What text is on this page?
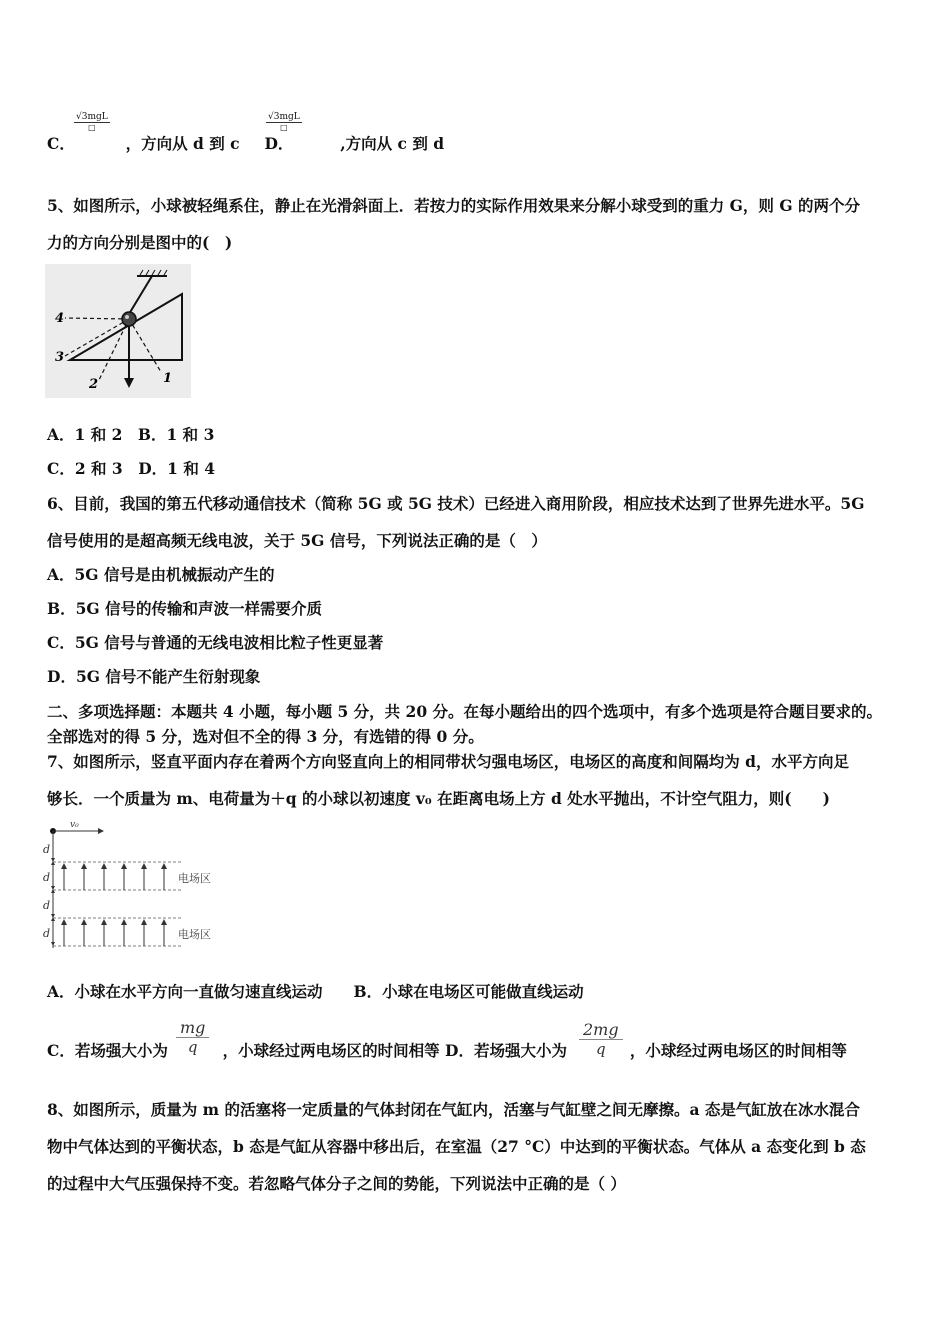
C．	，方向从 d 到 c D．	,方向从 c 到 d
√3mgL
□
√3mgL
□
5、如图所示，小球被轻绳系住，静止在光滑斜面上．若按力的实际作用效果来分解小球受到的重力 G，则 G 的两个分
力的方向分别是图中的(　)
4
3
2	1
A．1 和 2　B．1 和 3
C．2 和 3　D．1 和 4
6、目前，我国的第五代移动通信技术（简称 5G 或 5G 技术）已经进入商用阶段，相应技术达到了世界先进水平。5G
信号使用的是超高频无线电波，关于 5G 信号，下列说法正确的是（　）
A．5G 信号是由机械振动产生的
B．5G 信号的传输和声波一样需要介质
C．5G 信号与普通的无线电波相比粒子性更显著
D．5G 信号不能产生衍射现象
二、多项选择题：本题共 4 小题，每小题 5 分，共 20 分。在每小题给出的四个选项中，有多个选项是符合题目要求的。
全部选对的得 5 分，选对但不全的得 3 分，有选错的得 0 分。
7、如图所示，竖直平面内存在着两个方向竖直向上的相同带状匀强电场区，电场区的高度和间隔均为 d，水平方向足
够长．一个质量为 m、电荷量为＋q 的小球以初速度 v₀ 在距离电场上方 d 处水平抛出，不计空气阻力，则(　　)
v₀
d
d
d
d
电场区
电场区
A．小球在水平方向一直做匀速直线运动　　B．小球在电场区可能做直线运动
C．若场强大小为	，小球经过两电场区的时间相等 D．若场强大小为	，小球经过两电场区的时间相等
$\frac{mg}{q}$	$\frac{2mg}{q}$
8、如图所示，质量为 m 的活塞将一定质量的气体封闭在气缸内，活塞与气缸壁之间无摩擦。a 态是气缸放在冰水混合
物中气体达到的平衡状态，b 态是气缸从容器中移出后，在室温（27 °C）中达到的平衡状态。气体从 a 态变化到 b 态
的过程中大气压强保持不变。若忽略气体分子之间的势能，下列说法中正确的是（ ）
